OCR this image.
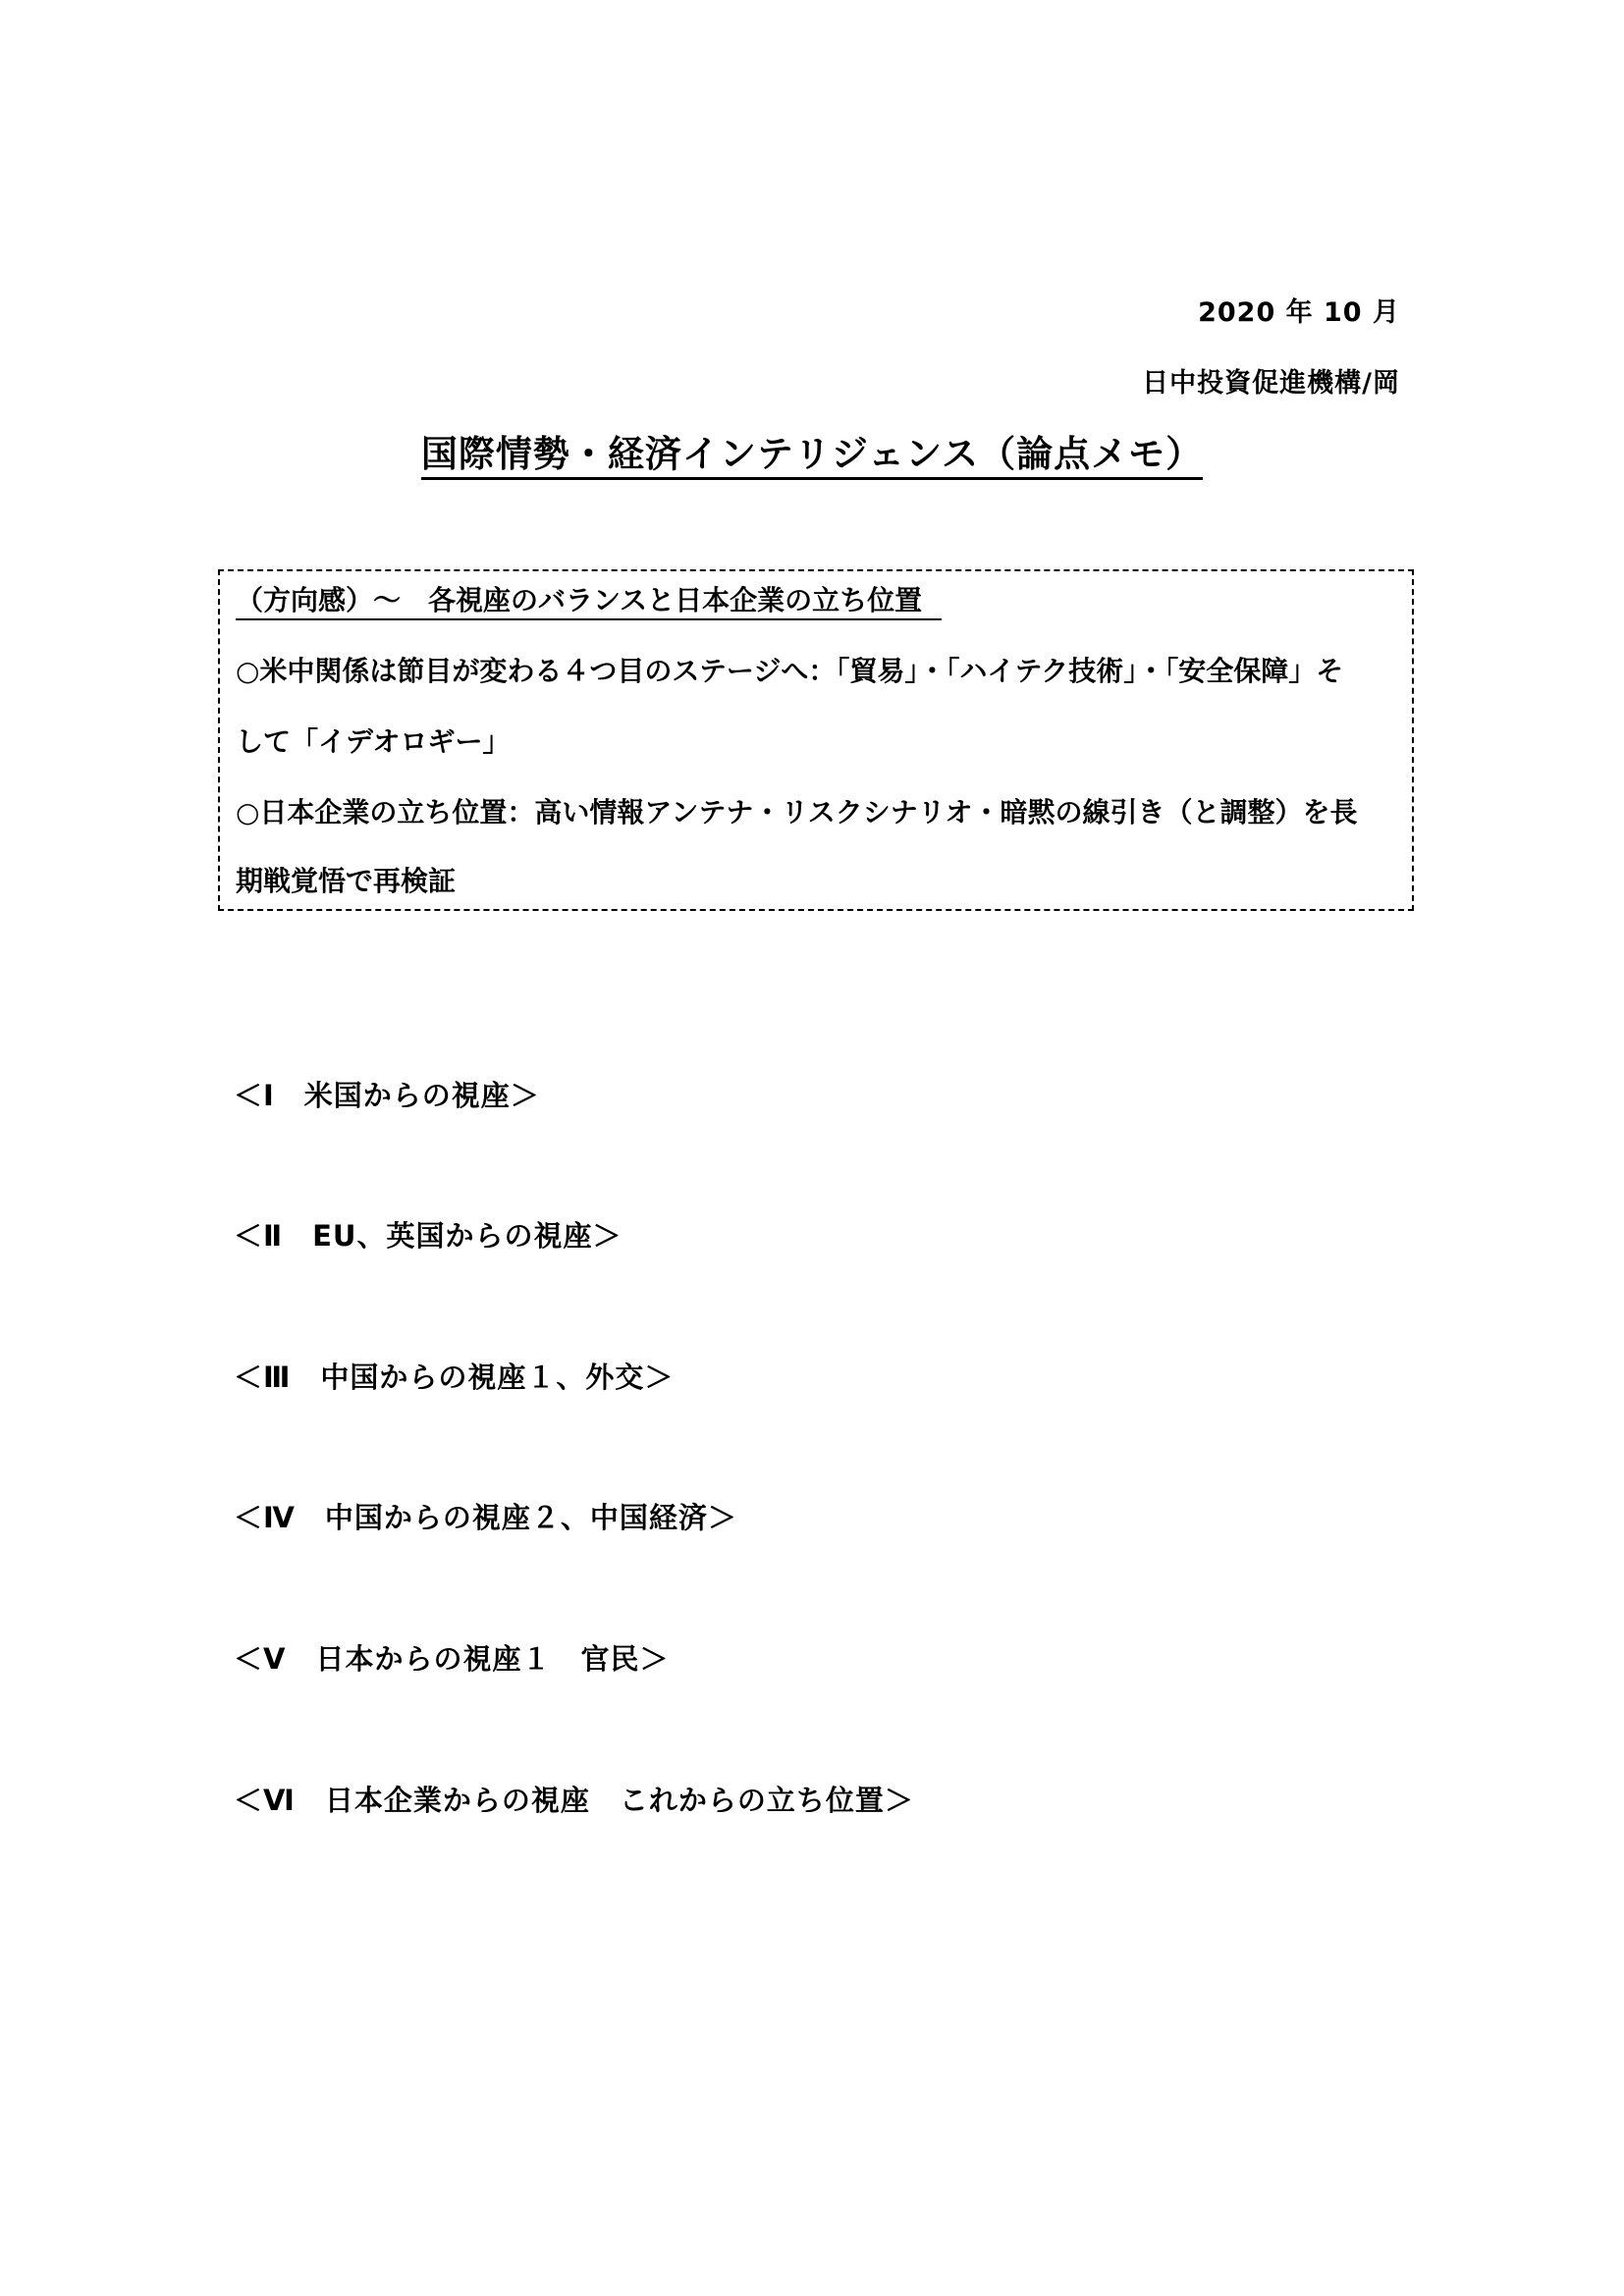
2020 年 10 月
日中投資促進機構/岡
国際情勢・経済インテリジェンス（論点メモ）
（方向感）～　各視座のバランスと日本企業の立ち位置
○米中関係は節目が変わる４つ目のステージへ：「貿易」・「ハイテク技術」・「安全保障」そ
して「イデオロギー」
○日本企業の立ち位置：高い情報アンテナ・リスクシナリオ・暗黙の線引き（と調整）を長
期戦覚悟で再検証
＜Ⅰ　米国からの視座＞
＜Ⅱ　EU、英国からの視座＞
＜Ⅲ　中国からの視座１、外交＞
＜Ⅳ　中国からの視座２、中国経済＞
＜Ⅴ　日本からの視座１　官民＞
＜Ⅵ　日本企業からの視座　これからの立ち位置＞
